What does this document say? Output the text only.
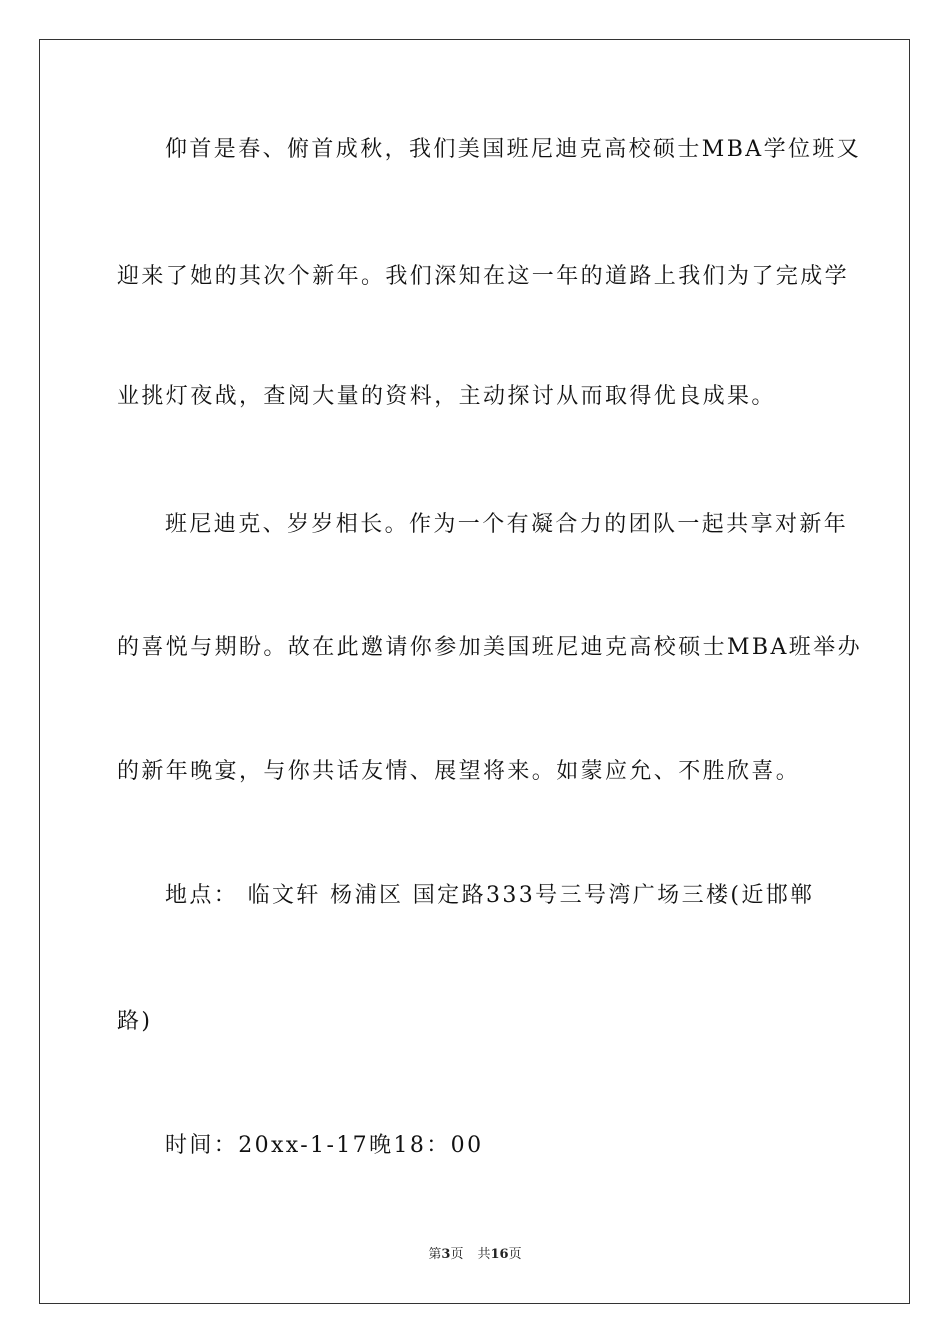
仰首是春、俯首成秋，我们美国班尼迪克高校硕士MBA学位班又
迎来了她的其次个新年。我们深知在这一年的道路上我们为了完成学
业挑灯夜战，查阅大量的资料，主动探讨从而取得优良成果。
班尼迪克、岁岁相长。作为一个有凝合力的团队一起共享对新年
的喜悦与期盼。故在此邀请你参加美国班尼迪克高校硕士MBA班举办
的新年晚宴，与你共话友情、展望将来。如蒙应允、不胜欣喜。
地点： 临文轩 杨浦区 国定路333号三号湾广场三楼(近邯郸
路)
时间：20xx-1-17晚18：00
第3页 共16页
